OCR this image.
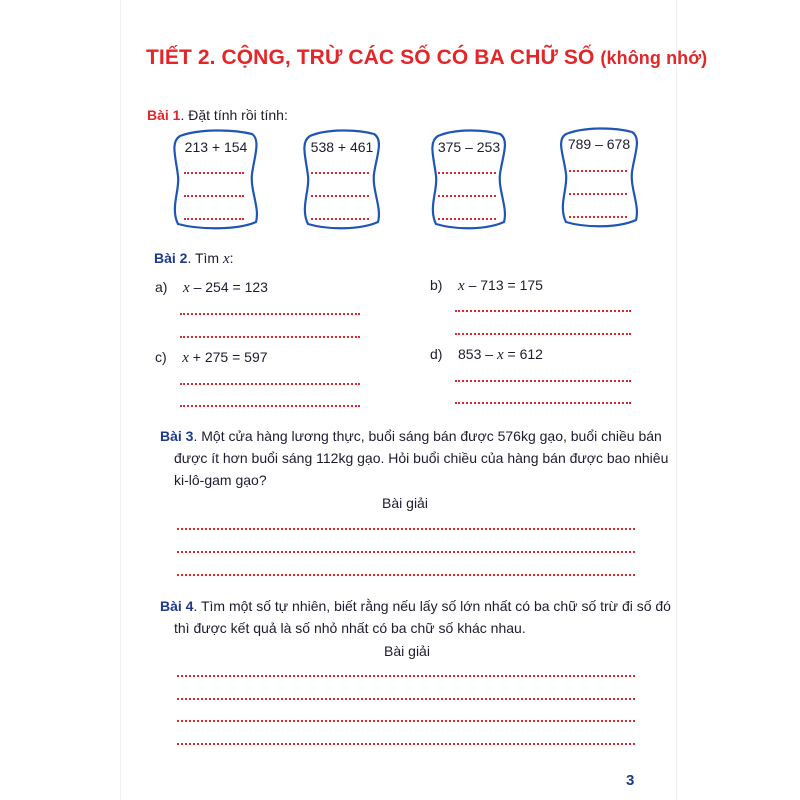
TIẾT 2. CỘNG, TRỪ CÁC SỐ CÓ BA CHỮ SỐ (không nhớ)
Bài 1. Đặt tính rồi tính:
213 + 154	538 + 461	375 – 253	789 – 678
Bài 2. Tìm x:
a) x – 254 = 123	b) x – 713 = 175
c) x + 275 = 597	d) 853 – x = 612
Bài 3. Một cửa hàng lương thực, buổi sáng bán được 576kg gạo, buổi chiều bán
được ít hơn buổi sáng 112kg gạo. Hỏi buổi chiều của hàng bán được bao nhiêu
ki-lô-gam gạo?
Bài giải
Bài 4. Tìm một số tự nhiên, biết rằng nếu lấy số lớn nhất có ba chữ số trừ đi số đó
thì được kết quả là số nhỏ nhất có ba chữ số khác nhau.
Bài giải
3
